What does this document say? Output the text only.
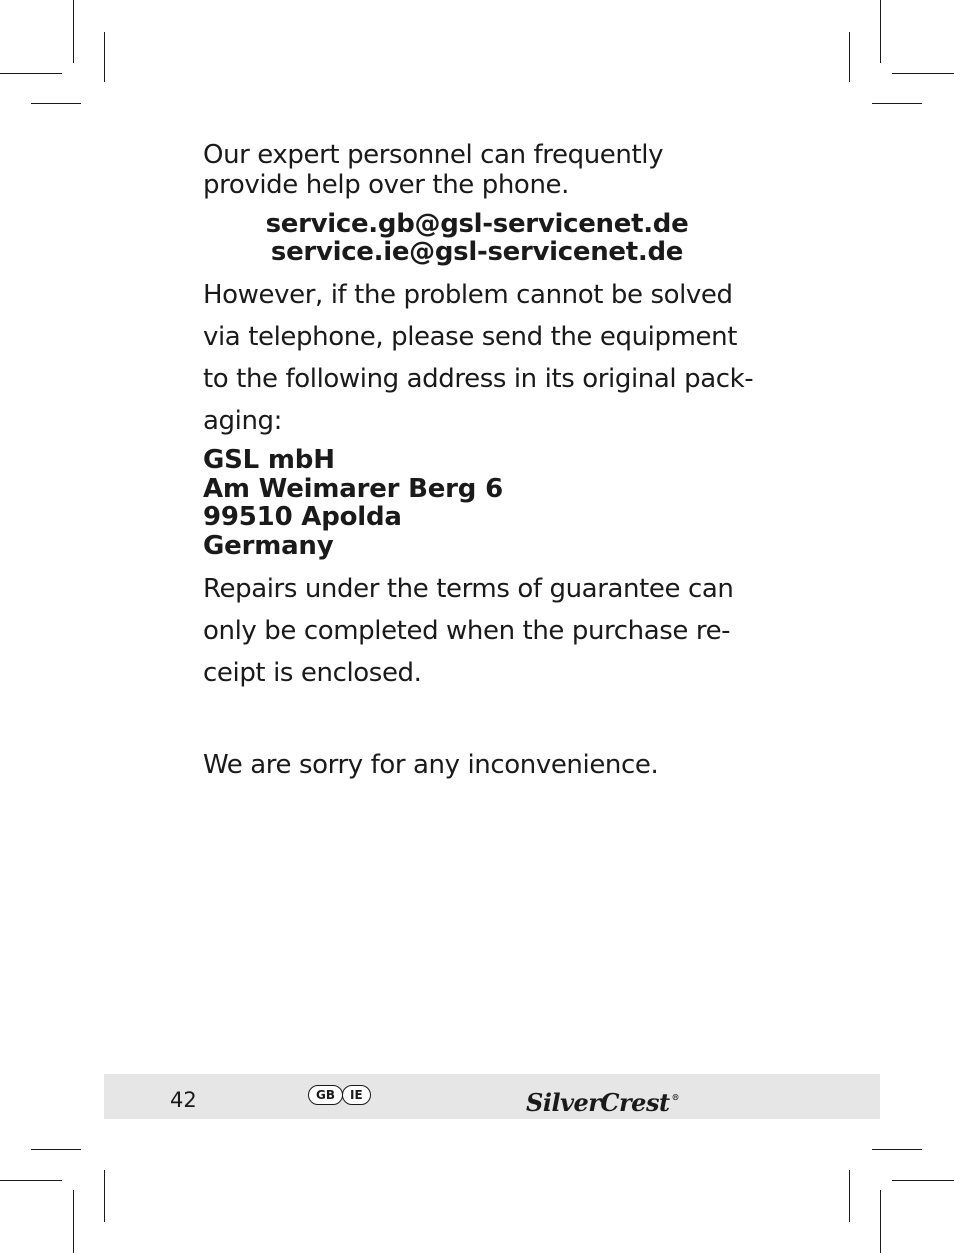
Our expert personnel can frequently provide help over the phone.

service.gb@gsl-servicenet.de
service.ie@gsl-servicenet.de

However, if the problem cannot be solved via telephone, please send the equipment to the following address in its original pack-aging:

GSL mbH
Am Weimarer Berg 6
99510 Apolda
Germany

Repairs under the terms of guarantee can only be completed when the purchase re-ceipt is enclosed.

We are sorry for any inconvenience.

42	GB	IE	SilverCrest ®
